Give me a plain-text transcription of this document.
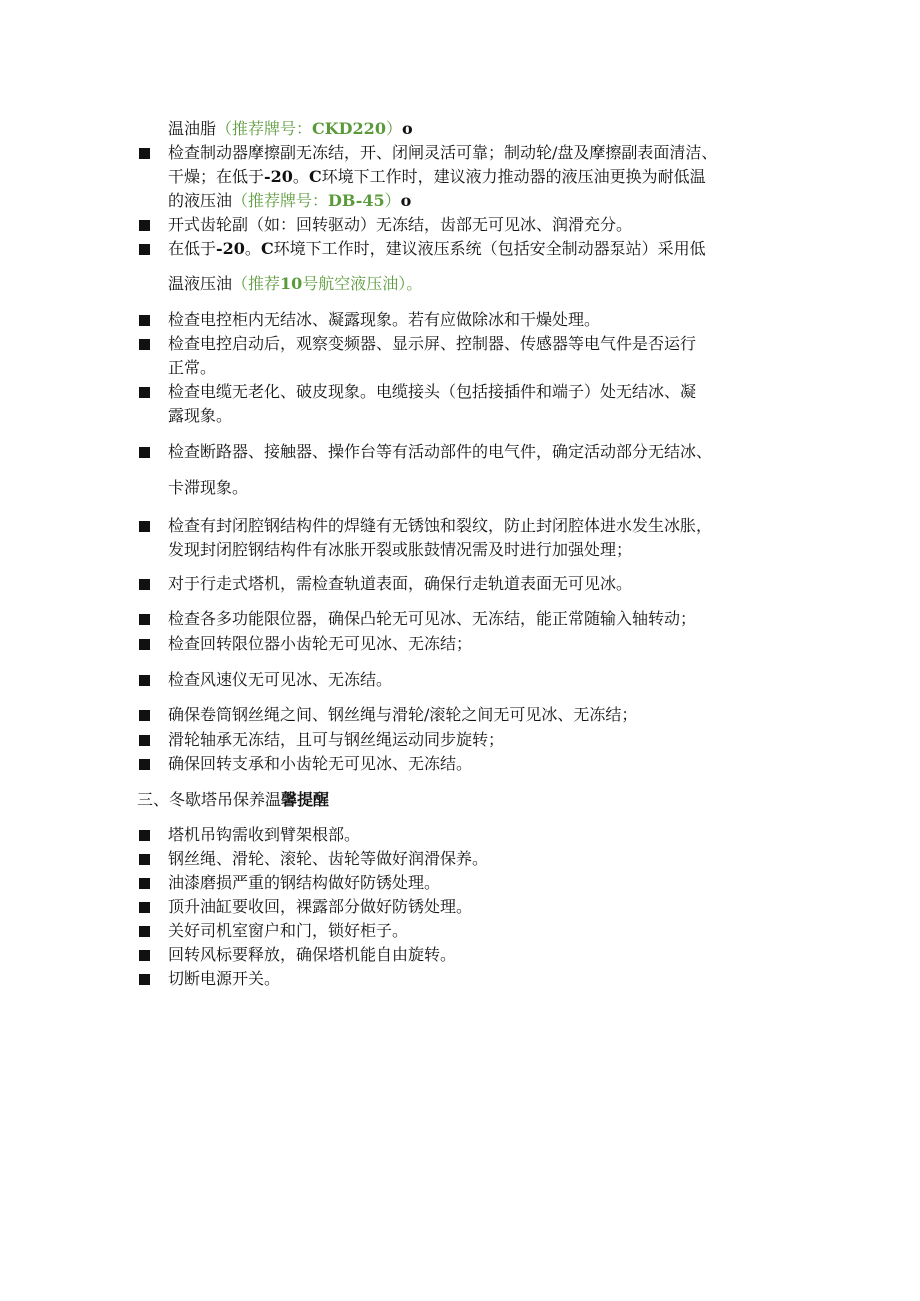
温油脂（推荐牌号：CKD220）o
检查制动器摩擦副无冻结，开、闭闸灵活可靠；制动轮/盘及摩擦副表面清洁、
干燥；在低于-20。C环境下工作时，建议液力推动器的液压油更换为耐低温
的液压油（推荐牌号：DB-45）o
开式齿轮副（如：回转驱动）无冻结，齿部无可见冰、润滑充分。
在低于-20。C环境下工作时，建议液压系统（包括安全制动器泵站）采用低
温液压油（推荐10号航空液压油）。
检查电控柜内无结冰、凝露现象。若有应做除冰和干燥处理。
检查电控启动后，观察变频器、显示屏、控制器、传感器等电气件是否运行
正常。
检查电缆无老化、破皮现象。电缆接头（包括接插件和端子）处无结冰、凝
露现象。
检查断路器、接触器、操作台等有活动部件的电气件，确定活动部分无结冰、
卡滞现象。
检查有封闭腔钢结构件的焊缝有无锈蚀和裂纹，防止封闭腔体进水发生冰胀，
发现封闭腔钢结构件有冰胀开裂或胀鼓情况需及时进行加强处理；
对于行走式塔机，需检查轨道表面，确保行走轨道表面无可见冰。
检查各多功能限位器，确保凸轮无可见冰、无冻结，能正常随输入轴转动；
检查回转限位器小齿轮无可见冰、无冻结；
检查风速仪无可见冰、无冻结。
确保卷筒钢丝绳之间、钢丝绳与滑轮/滚轮之间无可见冰、无冻结；
滑轮轴承无冻结，且可与钢丝绳运动同步旋转；
确保回转支承和小齿轮无可见冰、无冻结。
三、冬歇塔吊保养温馨提醒
塔机吊钩需收到臂架根部。
钢丝绳、滑轮、滚轮、齿轮等做好润滑保养。
油漆磨损严重的钢结构做好防锈处理。
顶升油缸要收回，裸露部分做好防锈处理。
关好司机室窗户和门，锁好柜子。
回转风标要释放，确保塔机能自由旋转。
切断电源开关。
